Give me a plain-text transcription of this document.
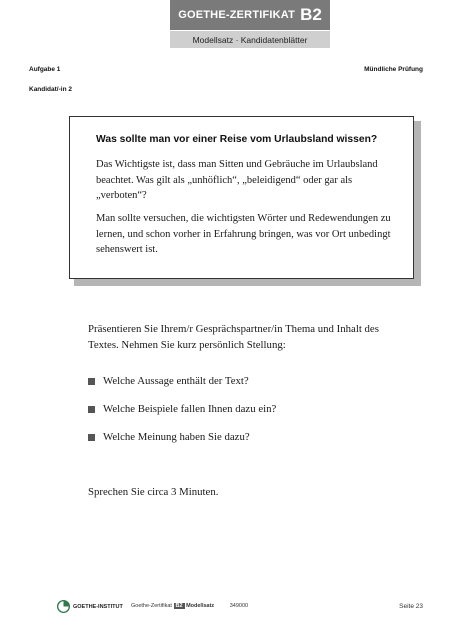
GOETHE-ZERTIFIKAT B2
Modellsatz · Kandidatenblätter
Aufgabe 1	Mündliche Prüfung
Kandidat/-in 2
Was sollte man vor einer Reise vom Urlaubsland wissen?

Das Wichtigste ist, dass man Sitten und Gebräuche im Urlaubsland beachtet. Was gilt als „unhöflich“, „beleidigend“ oder gar als „verboten“?

Man sollte versuchen, die wichtigsten Wörter und Redewendungen zu lernen, und schon vorher in Erfahrung bringen, was vor Ort unbedingt sehenswert ist.

Präsentieren Sie Ihrem/r Gesprächspartner/in Thema und Inhalt des Textes. Nehmen Sie kurz persönlich Stellung:

Welche Aussage enthält der Text?
Welche Beispiele fallen Ihnen dazu ein?
Welche Meinung haben Sie dazu?
Sprechen Sie circa 3 Minuten.
GOETHE-INSTITUT Goethe-Zertifikat B2 Modellsatz	349000	Seite 23
